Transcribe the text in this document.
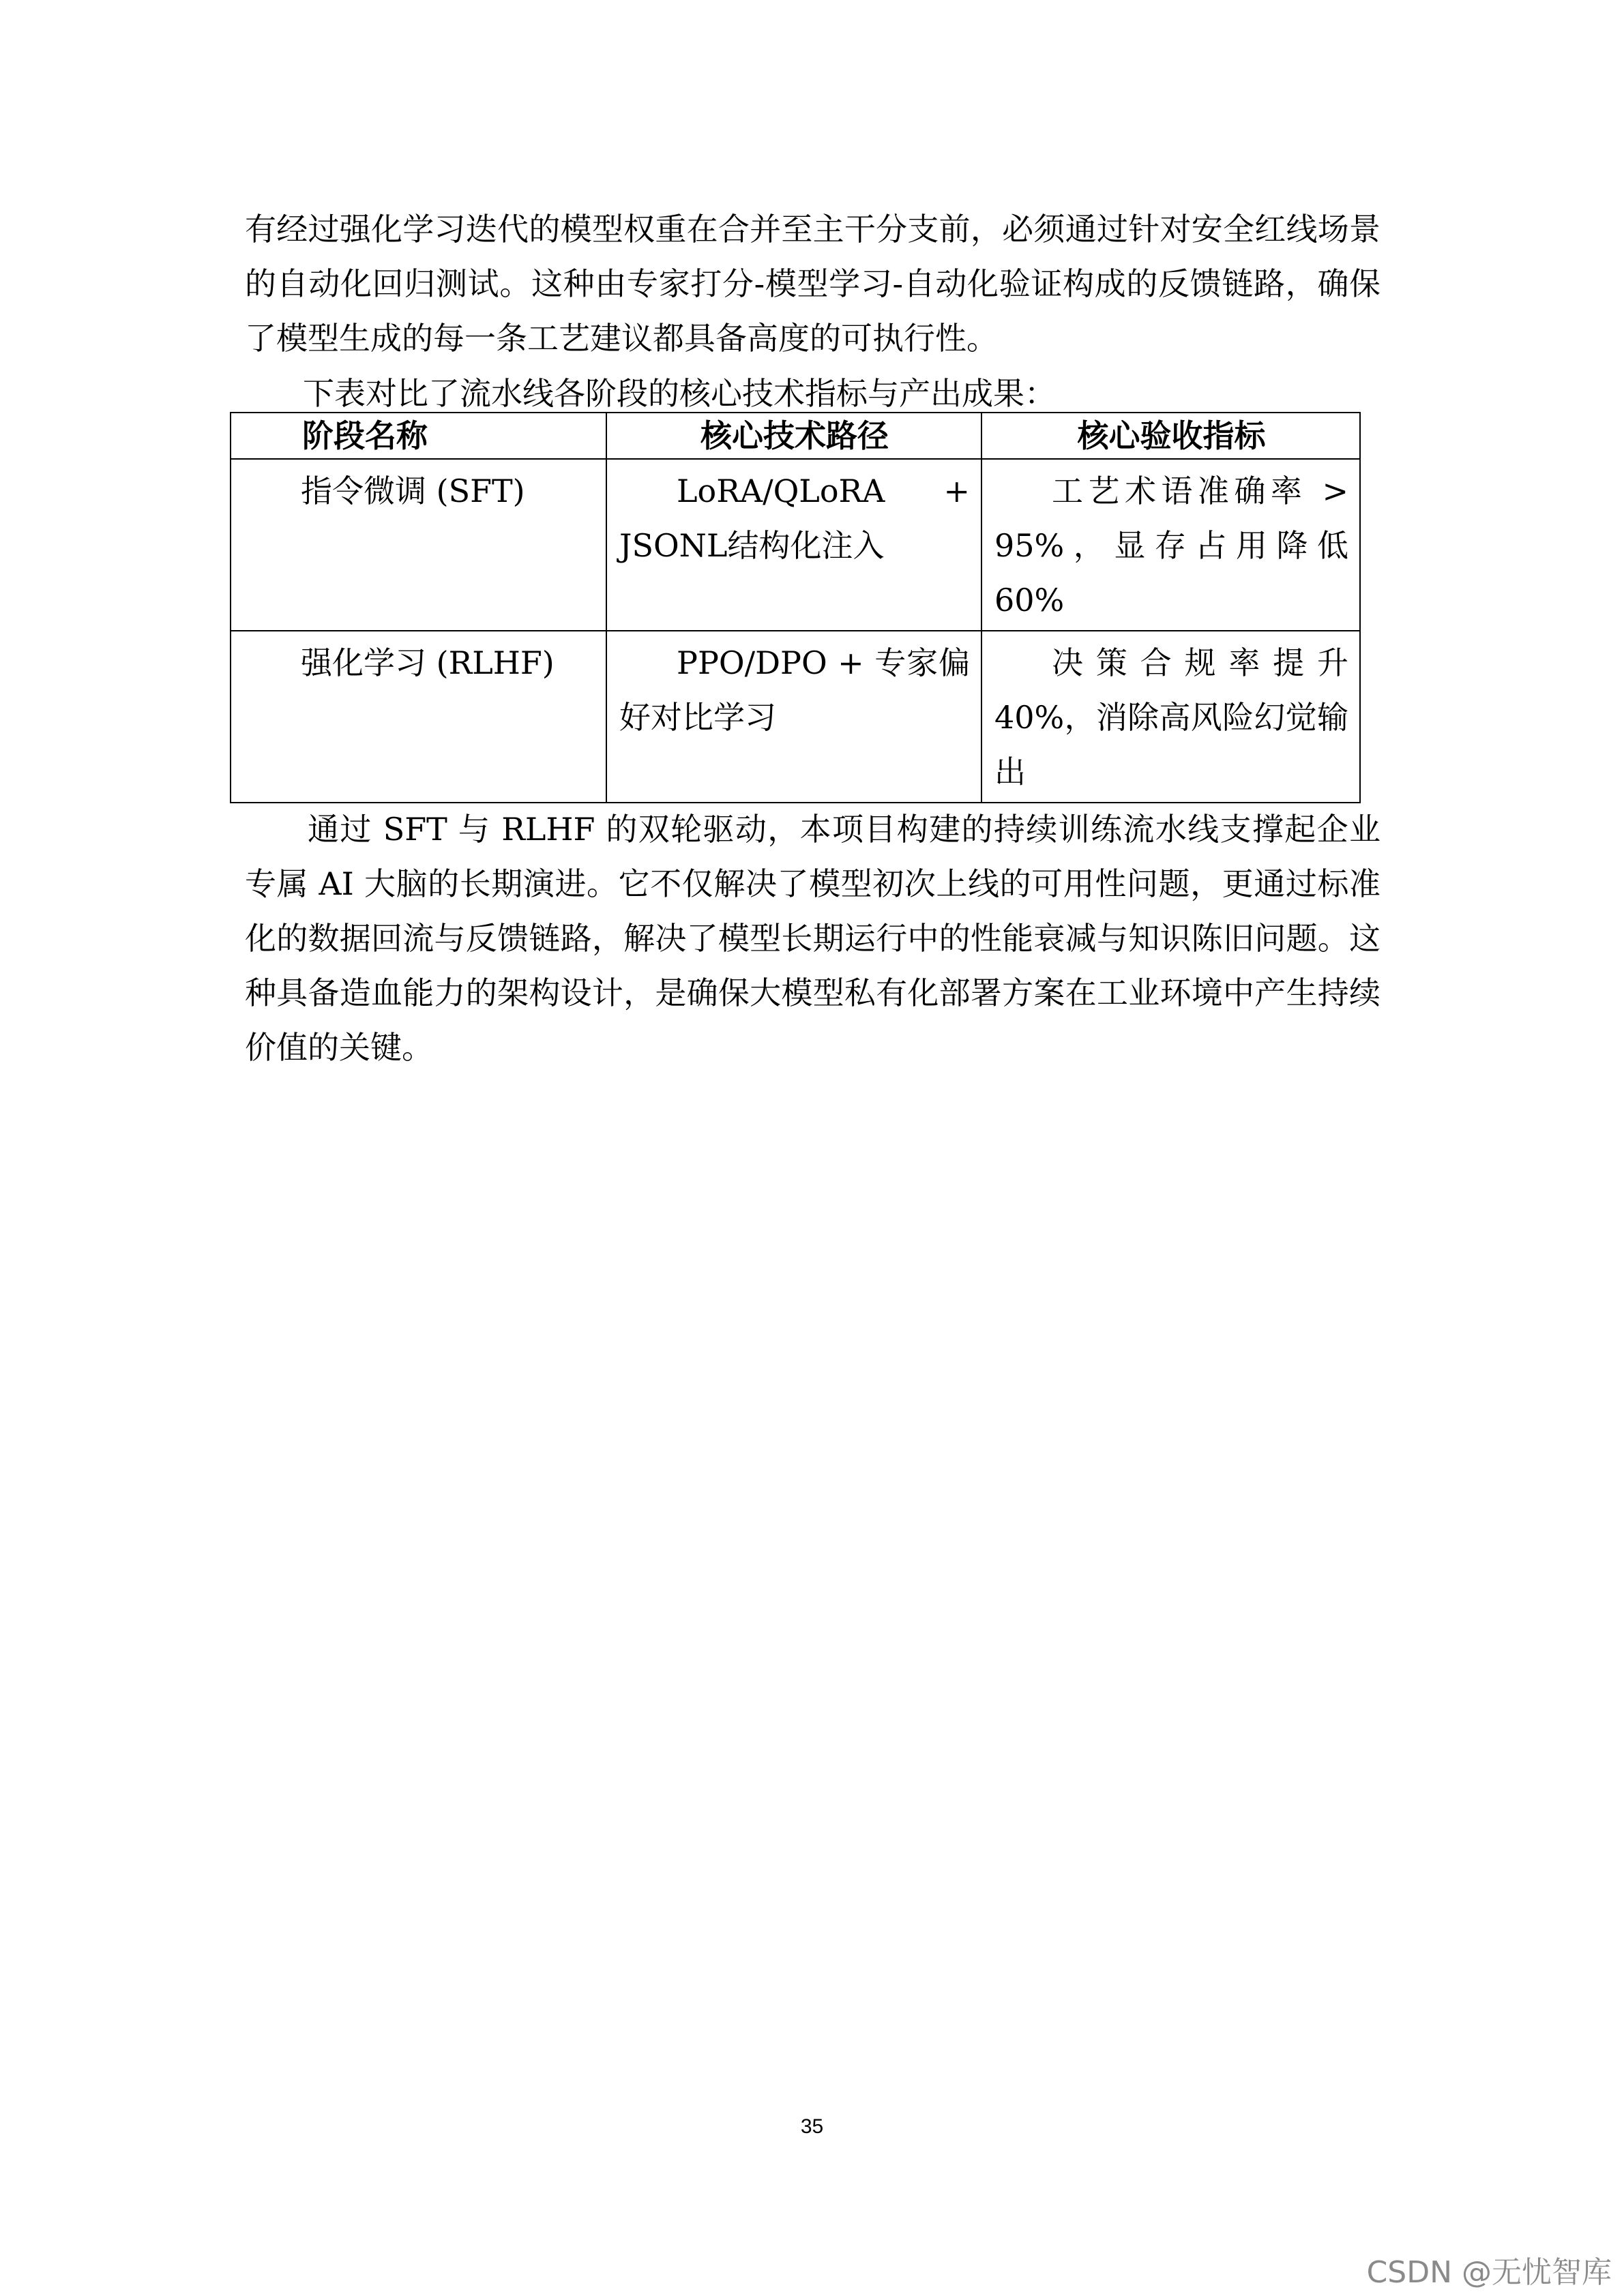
有经过强化学习迭代的模型权重在合并至主干分支前，必须通过针对安全红线场景的自动化回归测试。这种由专家打分-模型学习-自动化验证构成的反馈链路，确保了模型生成的每一条工艺建议都具备高度的可执行性。

下表对比了流水线各阶段的核心技术指标与产出成果：

阶段名称	核心技术路径	核心验收指标
指令微调 (SFT)	LoRA/QLoRA + JSONL结构化注入	工艺术语准确率 > 95%，显存占用降低 60%
强化学习 (RLHF)	PPO/DPO + 专家偏好对比学习	决策合规率提升 40%，消除高风险幻觉输出

通过 SFT 与 RLHF 的双轮驱动，本项目构建的持续训练流水线支撑起企业专属 AI 大脑的长期演进。它不仅解决了模型初次上线的可用性问题，更通过标准化的数据回流与反馈链路，解决了模型长期运行中的性能衰减与知识陈旧问题。这种具备造血能力的架构设计，是确保大模型私有化部署方案在工业环境中产生持续价值的关键。

35
CSDN @无忧智库
